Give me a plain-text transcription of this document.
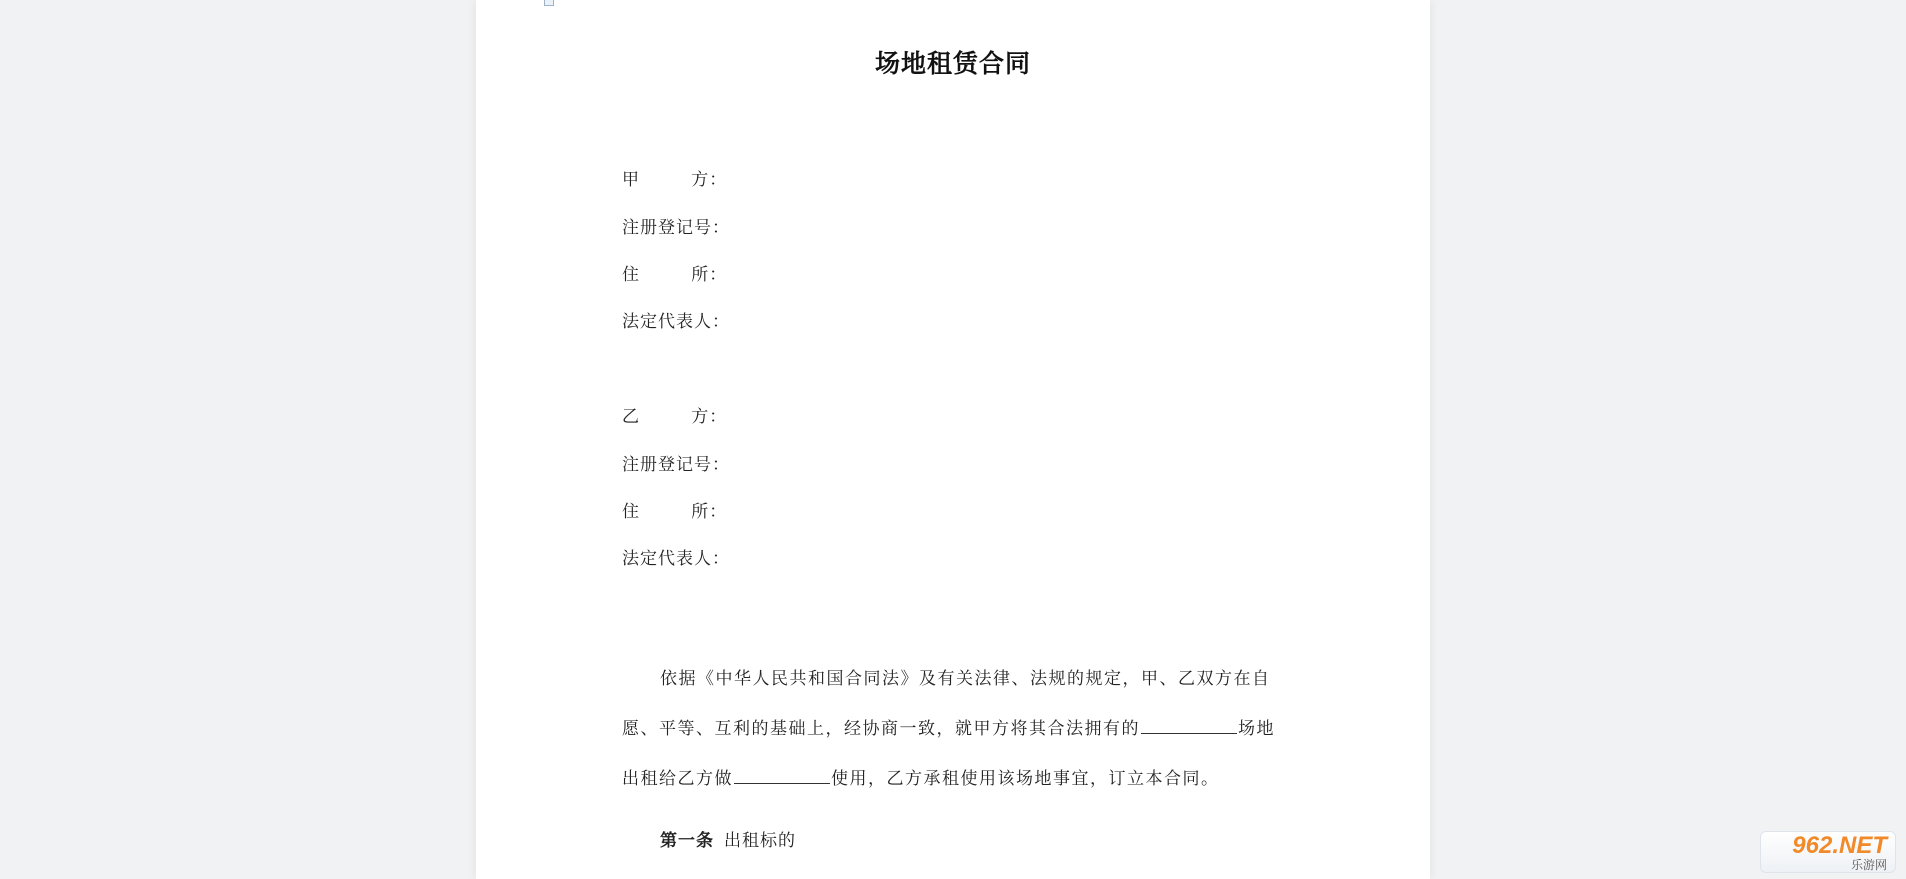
场地租赁合同
甲        方：
注册登记号：
住        所：
法定代表人：
乙        方：
注册登记号：
住        所：
法定代表人：
依据《中华人民共和国合同法》及有关法律、法规的规定，甲、乙双方在自
愿、平等、互利的基础上，经协商一致，就甲方将其合法拥有的	场地
出租给乙方做	使用，乙方承租使用该场地事宜，订立本合同。
第一条 出租标的	962.NET
乐游网
